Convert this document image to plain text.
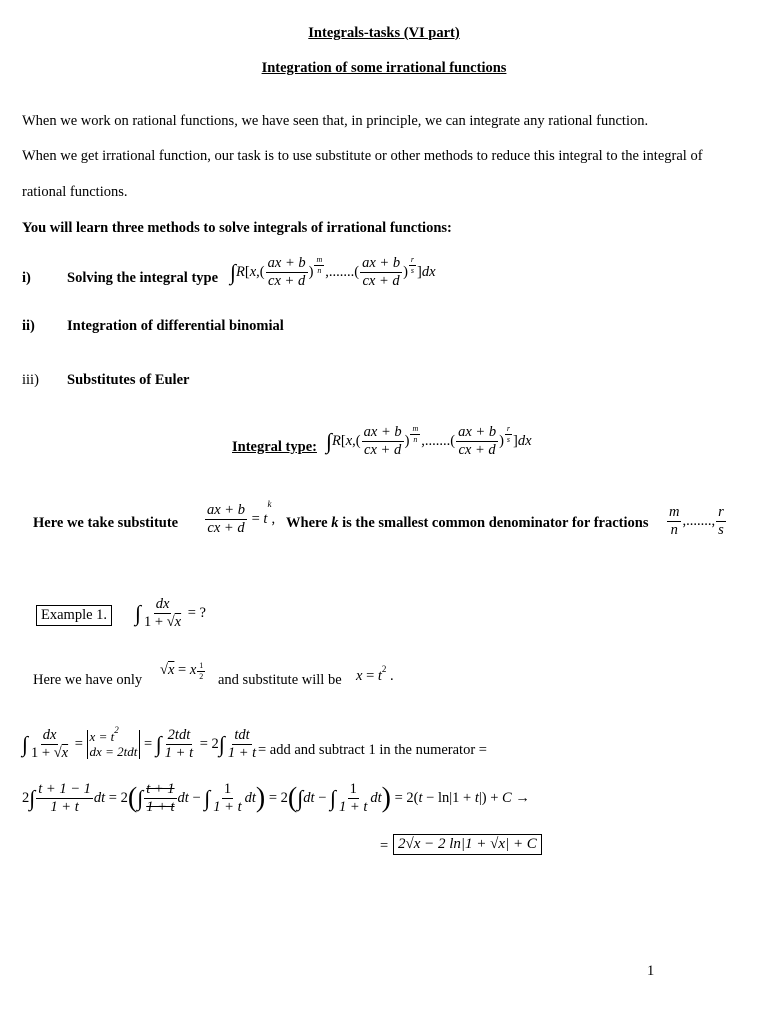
Integrals-tasks (VI part)
Integration of some irrational functions
When we work on rational functions, we have seen that, in principle, we can integrate any rational function.
When we get irrational function, our task is to use substitute or other methods to reduce this integral to the integral of
rational functions.
You will learn three methods to solve integrals of irrational functions:
i) Solving the integral type $\int R[x,( \frac{ax + b}{cx + d}$ ) $\frac{m}{n}$ ,.......( $\frac{ax + b}{cx + d}$ ) $\frac{r}{s} ]dx$
ii) Integration of differential binomial
iii) Substitutes of Euler
Integral type: $\int R[x,( \frac{ax + b}{cx + d}$ ) $\frac{m}{n}$ ,.......( $\frac{ax + b}{cx + d}$ ) $\frac{r}{s} ]dx$
Here we take substitute $\frac{ax + b}{cx + d} = t^k$, Where k is the smallest common denominator for fractions $\frac{m}{n}$ ,......., $\frac{r}{s}$
Example 1. ∫ $\frac{dx}{1 + √x}$ = ?
Here we have only
√x = x $\frac{1}{2}$ and substitute will be $x = t^2$ .
∫ $\frac{dx}{1 + √x} = x = t^2$
dx = 2tdt = ∫ $\frac{\text{2tdt}}{1 + t} = 2\int \frac{\text{tdt}}{1 + t}$ = add and subtract 1 in the numerator =
$2\int \frac{t + 1 - 1}{1 + t}$ dt = $2(\int \frac{t + 1}{1 + t}$ dt − ∫ $\frac{1}{1 + t} dt) = 2(\int dt$ − ∫ $\frac{1}{1 + t} dt) = 2(t - \ln|1 + t|) + C$ →
= 2√x − 2 ln|1 + √x| + C
1
